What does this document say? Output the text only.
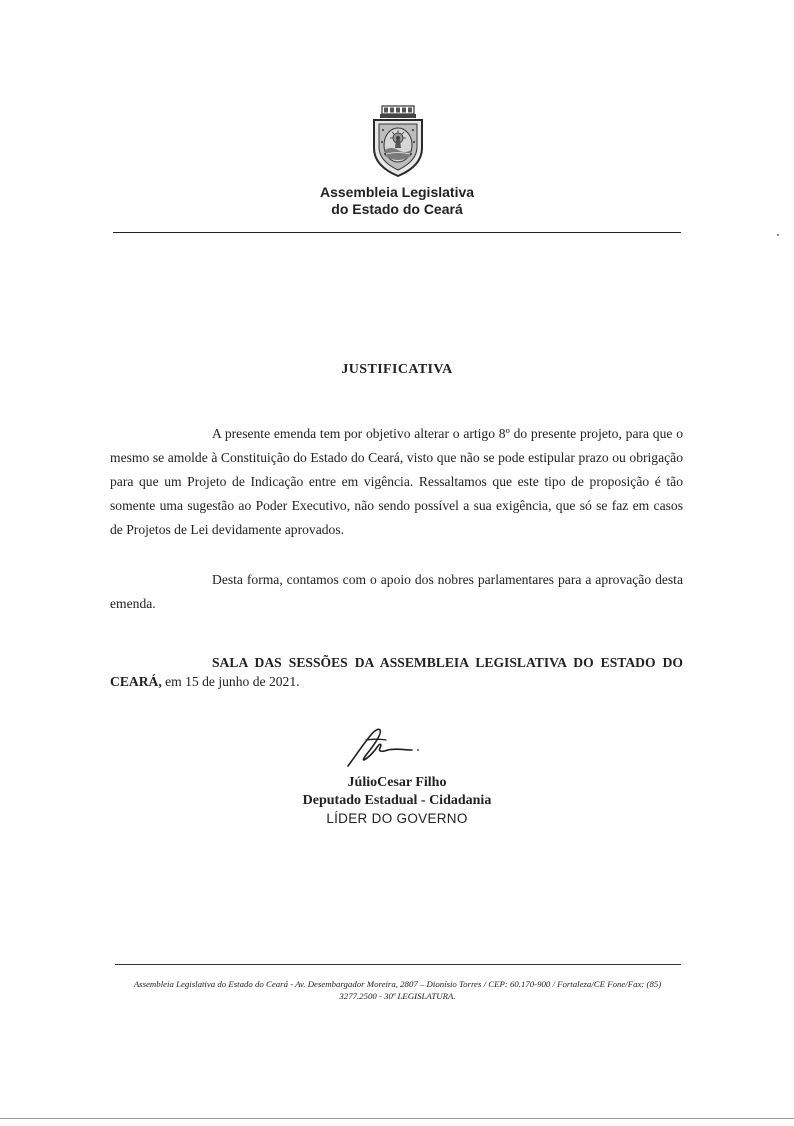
Assembleia Legislativa
do Estado do Ceará
JUSTIFICATIVA
A presente emenda tem por objetivo alterar o artigo 8º do presente projeto, para que o mesmo se amolde à Constituição do Estado do Ceará, visto que não se pode estipular prazo ou obrigação para que um Projeto de Indicação entre em vigência. Ressaltamos que este tipo de proposição é tão somente uma sugestão ao Poder Executivo, não sendo possível a sua exigência, que só se faz em casos de Projetos de Lei devidamente aprovados.
Desta forma, contamos com o apoio dos nobres parlamentares para a aprovação desta emenda.
SALA DAS SESSÕES DA ASSEMBLEIA LEGISLATIVA DO ESTADO DO CEARÁ, em 15 de junho de 2021.
JúlioCesar Filho
Deputado Estadual - Cidadania
LÍDER DO GOVERNO
Assembleia Legislativa do Estado do Ceará - Av. Desembargador Moreira, 2807 – Dionísio Torres / CEP: 60.170-900 / Fortaleza/CE Fone/Fax: (85)
3277.2500 - 30ª LEGISLATURA.
